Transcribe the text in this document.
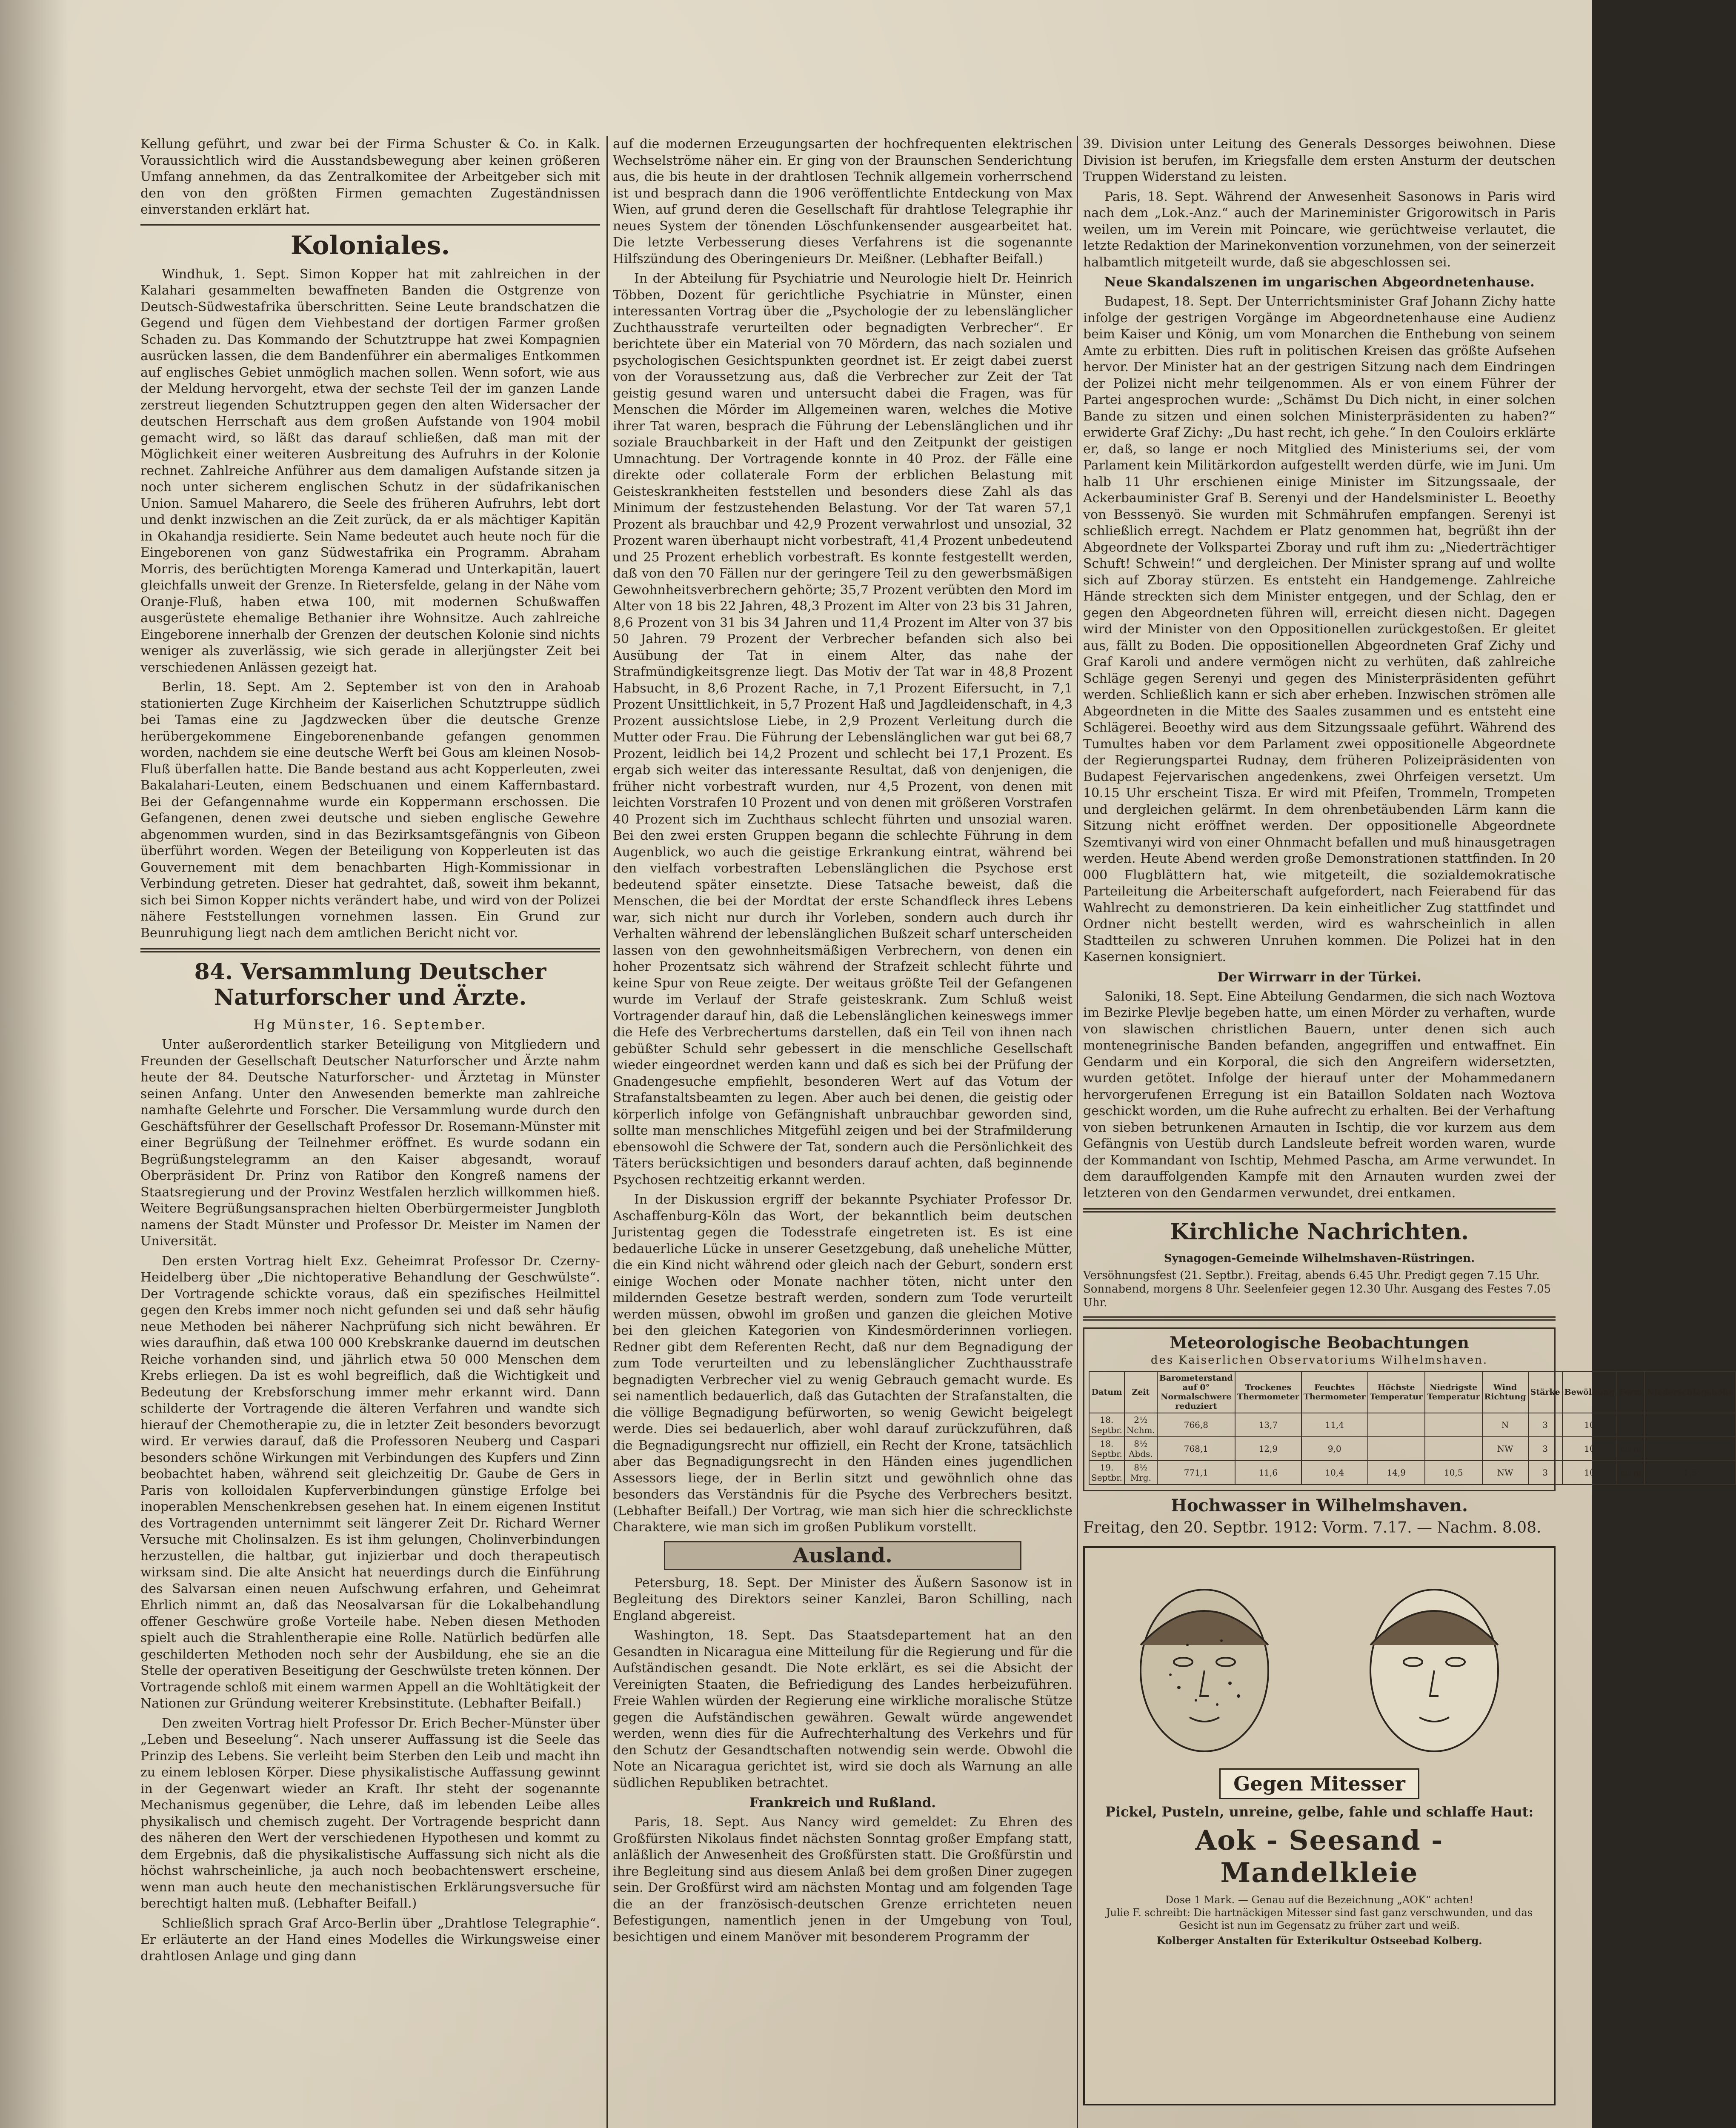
Kellung geführt, und zwar bei der Firma Schuster & Co. in Kalk. Voraussichtlich wird die Ausstandsbewegung aber keinen größeren Umfang annehmen, da das Zentralkomitee der Arbeitgeber sich mit den von den größten Firmen gemachten Zugeständnissen einverstanden erklärt hat.

Koloniales.

Windhuk, 1. Sept. Simon Kopper hat mit zahlreichen in der Kalahari gesammelten bewaffneten Banden die Ostgrenze von Deutsch-Südwestafrika überschritten. Seine Leute brandschatzen die Gegend und fügen dem Viehbestand der dortigen Farmer großen Schaden zu. Das Kommando der Schutztruppe hat zwei Kompagnien ausrücken lassen, die dem Bandenführer ein abermaliges Entkommen auf englisches Gebiet unmöglich machen sollen. Wenn sofort, wie aus der Meldung hervorgeht, etwa der sechste Teil der im ganzen Lande zerstreut liegenden Schutztruppen gegen den alten Widersacher der deutschen Herrschaft aus dem großen Aufstande von 1904 mobil gemacht wird, so läßt das darauf schließen, daß man mit der Möglichkeit einer weiteren Ausbreitung des Aufruhrs in der Kolonie rechnet. Zahlreiche Anführer aus dem damaligen Aufstande sitzen ja noch unter sicherem englischen Schutz in der südafrikanischen Union. Samuel Maharero, die Seele des früheren Aufruhrs, lebt dort und denkt inzwischen an die Zeit zurück, da er als mächtiger Kapitän in Okahandja residierte. Sein Name bedeutet auch heute noch für die Eingeborenen von ganz Südwestafrika ein Programm. Abraham Morris, des berüchtigten Morenga Kamerad und Unterkapitän, lauert gleichfalls unweit der Grenze. In Rietersfelde, gelang in der Nähe vom Oranje-Fluß, haben etwa 100, mit modernen Schußwaffen ausgerüstete ehemalige Bethanier ihre Wohnsitze. Auch zahlreiche Eingeborene innerhalb der Grenzen der deutschen Kolonie sind nichts weniger als zuverlässig, wie sich gerade in allerjüngster Zeit bei verschiedenen Anlässen gezeigt hat.

Berlin, 18. Sept. Am 2. September ist von den in Arahoab stationierten Zuge Kirchheim der Kaiserlichen Schutztruppe südlich bei Tamas eine zu Jagdzwecken über die deutsche Grenze herübergekommene Eingeborenenbande gefangen genommen worden, nachdem sie eine deutsche Werft bei Gous am kleinen Nosob-Fluß überfallen hatte. Die Bande bestand aus acht Kopperleuten, zwei Bakalahari-Leuten, einem Bedschuanen und einem Kaffernbastard. Bei der Gefangennahme wurde ein Koppermann erschossen. Die Gefangenen, denen zwei deutsche und sieben englische Gewehre abgenommen wurden, sind in das Bezirksamtsgefängnis von Gibeon überführt worden. Wegen der Beteiligung von Kopperleuten ist das Gouvernement mit dem benachbarten High-Kommissionar in Verbindung getreten. Dieser hat gedrahtet, daß, soweit ihm bekannt, sich bei Simon Kopper nichts verändert habe, und wird von der Polizei nähere Feststellungen vornehmen lassen. Ein Grund zur Beunruhigung liegt nach dem amtlichen Bericht nicht vor.

84. Versammlung Deutscher Naturforscher und Ärzte.
Hg Münster, 16. September.

Unter außerordentlich starker Beteiligung von Mitgliedern und Freunden der Gesellschaft Deutscher Naturforscher und Ärzte nahm heute der 84. Deutsche Naturforscher- und Ärztetag in Münster seinen Anfang. Unter den Anwesenden bemerkte man zahlreiche namhafte Gelehrte und Forscher. Die Versammlung wurde durch den Geschäftsführer der Gesellschaft Professor Dr. Rosemann-Münster mit einer Begrüßung der Teilnehmer eröffnet. Es wurde sodann ein Begrüßungstelegramm an den Kaiser abgesandt, worauf Oberpräsident Dr. Prinz von Ratibor den Kongreß namens der Staatsregierung und der Provinz Westfalen herzlich willkommen hieß. Weitere Begrüßungsansprachen hielten Oberbürgermeister Jungbloth namens der Stadt Münster und Professor Dr. Meister im Namen der Universität.

Den ersten Vortrag hielt Exz. Geheimrat Professor Dr. Czerny-Heidelberg über „Die nichtoperative Behandlung der Geschwülste“. Der Vortragende schickte voraus, daß ein spezifisches Heilmittel gegen den Krebs immer noch nicht gefunden sei und daß sehr häufig neue Methoden bei näherer Nachprüfung sich nicht bewähren. Er wies daraufhin, daß etwa 100 000 Krebskranke dauernd im deutschen Reiche vorhanden sind, und jährlich etwa 50 000 Menschen dem Krebs erliegen. Da ist es wohl begreiflich, daß die Wichtigkeit und Bedeutung der Krebsforschung immer mehr erkannt wird. Dann schilderte der Vortragende die älteren Verfahren und wandte sich hierauf der Chemotherapie zu, die in letzter Zeit besonders bevorzugt wird. Er verwies darauf, daß die Professoren Neuberg und Caspari besonders schöne Wirkungen mit Verbindungen des Kupfers und Zinn beobachtet haben, während seit gleichzeitig Dr. Gaube de Gers in Paris von kolloidalen Kupferverbindungen günstige Erfolge bei inoperablen Menschenkrebsen gesehen hat. In einem eigenen Institut des Vortragenden unternimmt seit längerer Zeit Dr. Richard Werner Versuche mit Cholinsalzen. Es ist ihm gelungen, Cholinverbindungen herzustellen, die haltbar, gut injizierbar und doch therapeutisch wirksam sind. Die alte Ansicht hat neuerdings durch die Einführung des Salvarsan einen neuen Aufschwung erfahren, und Geheimrat Ehrlich nimmt an, daß das Neosalvarsan für die Lokalbehandlung offener Geschwüre große Vorteile habe. Neben diesen Methoden spielt auch die Strahlentherapie eine Rolle. Natürlich bedürfen alle geschilderten Methoden noch sehr der Ausbildung, ehe sie an die Stelle der operativen Beseitigung der Geschwülste treten können. Der Vortragende schloß mit einem warmen Appell an die Wohltätigkeit der Nationen zur Gründung weiterer Krebsinstitute. (Lebhafter Beifall.)

Den zweiten Vortrag hielt Professor Dr. Erich Becher-Münster über „Leben und Beseelung“. Nach unserer Auffassung ist die Seele das Prinzip des Lebens. Sie verleiht beim Sterben den Leib und macht ihn zu einem leblosen Körper. Diese physikalistische Auffassung gewinnt in der Gegenwart wieder an Kraft. Ihr steht der sogenannte Mechanismus gegenüber, die Lehre, daß im lebenden Leibe alles physikalisch und chemisch zugeht. Der Vortragende bespricht dann des näheren den Wert der verschiedenen Hypothesen und kommt zu dem Ergebnis, daß die physikalistische Auffassung sich nicht als die höchst wahrscheinliche, ja auch noch beobachtenswert erscheine, wenn man auch heute den mechanistischen Erklärungsversuche für berechtigt halten muß. (Lebhafter Beifall.)

Schließlich sprach Graf Arco-Berlin über „Drahtlose Telegraphie“. Er erläuterte an der Hand eines Modelles die Wirkungsweise einer drahtlosen Anlage und ging dann

auf die modernen Erzeugungsarten der hochfrequenten elektrischen Wechselströme näher ein. Er ging von der Braunschen Senderichtung aus, die bis heute in der drahtlosen Technik allgemein vorherrschend ist und besprach dann die 1906 veröffentlichte Entdeckung von Max Wien, auf grund deren die Gesellschaft für drahtlose Telegraphie ihr neues System der tönenden Löschfunkensender ausgearbeitet hat. Die letzte Verbesserung dieses Verfahrens ist die sogenannte Hilfszündung des Oberingenieurs Dr. Meißner. (Lebhafter Beifall.)

In der Abteilung für Psychiatrie und Neurologie hielt Dr. Heinrich Többen, Dozent für gerichtliche Psychiatrie in Münster, einen interessanten Vortrag über die „Psychologie der zu lebenslänglicher Zuchthausstrafe verurteilten oder begnadigten Verbrecher“. Er berichtete über ein Material von 70 Mördern, das nach sozialen und psychologischen Gesichtspunkten geordnet ist. Er zeigt dabei zuerst von der Voraussetzung aus, daß die Verbrecher zur Zeit der Tat geistig gesund waren und untersucht dabei die Fragen, was für Menschen die Mörder im Allgemeinen waren, welches die Motive ihrer Tat waren, besprach die Führung der Lebenslänglichen und ihr soziale Brauchbarkeit in der Haft und den Zeitpunkt der geistigen Umnachtung. Der Vortragende konnte in 40 Proz. der Fälle eine direkte oder collaterale Form der erblichen Belastung mit Geisteskrankheiten feststellen und besonders diese Zahl als das Minimum der festzustehenden Belastung. Vor der Tat waren 57,1 Prozent als brauchbar und 42,9 Prozent verwahrlost und unsozial, 32 Prozent waren überhaupt nicht vorbestraft, 41,4 Prozent unbedeutend und 25 Prozent erheblich vorbestraft. Es konnte festgestellt werden, daß von den 70 Fällen nur der geringere Teil zu den gewerbsmäßigen Gewohnheitsverbrechern gehörte; 35,7 Prozent verübten den Mord im Alter von 18 bis 22 Jahren, 48,3 Prozent im Alter von 23 bis 31 Jahren, 8,6 Prozent von 31 bis 34 Jahren und 11,4 Prozent im Alter von 37 bis 50 Jahren. 79 Prozent der Verbrecher befanden sich also bei Ausübung der Tat in einem Alter, das nahe der Strafmündigkeitsgrenze liegt. Das Motiv der Tat war in 48,8 Prozent Habsucht, in 8,6 Prozent Rache, in 7,1 Prozent Eifersucht, in 7,1 Prozent Unsittlichkeit, in 5,7 Prozent Haß und Jagdleidenschaft, in 4,3 Prozent aussichtslose Liebe, in 2,9 Prozent Verleitung durch die Mutter oder Frau. Die Führung der Lebenslänglichen war gut bei 68,7 Prozent, leidlich bei 14,2 Prozent und schlecht bei 17,1 Prozent. Es ergab sich weiter das interessante Resultat, daß von denjenigen, die früher nicht vorbestraft wurden, nur 4,5 Prozent, von denen mit leichten Vorstrafen 10 Prozent und von denen mit größeren Vorstrafen 40 Prozent sich im Zuchthaus schlecht führten und unsozial waren. Bei den zwei ersten Gruppen begann die schlechte Führung in dem Augenblick, wo auch die geistige Erkrankung eintrat, während bei den vielfach vorbestraften Lebenslänglichen die Psychose erst bedeutend später einsetzte. Diese Tatsache beweist, daß die Menschen, die bei der Mordtat der erste Schandfleck ihres Lebens war, sich nicht nur durch ihr Vorleben, sondern auch durch ihr Verhalten während der lebenslänglichen Bußzeit scharf unterscheiden lassen von den gewohnheitsmäßigen Verbrechern, von denen ein hoher Prozentsatz sich während der Strafzeit schlecht führte und keine Spur von Reue zeigte. Der weitaus größte Teil der Gefangenen wurde im Verlauf der Strafe geisteskrank. Zum Schluß weist Vortragender darauf hin, daß die Lebenslänglichen keineswegs immer die Hefe des Verbrechertums darstellen, daß ein Teil von ihnen nach gebüßter Schuld sehr gebessert in die menschliche Gesellschaft wieder eingeordnet werden kann und daß es sich bei der Prüfung der Gnadengesuche empfiehlt, besonderen Wert auf das Votum der Strafanstaltsbeamten zu legen. Aber auch bei denen, die geistig oder körperlich infolge von Gefängnishaft unbrauchbar geworden sind, sollte man menschliches Mitgefühl zeigen und bei der Strafmilderung ebensowohl die Schwere der Tat, sondern auch die Persönlichkeit des Täters berücksichtigen und besonders darauf achten, daß beginnende Psychosen rechtzeitig erkannt werden.

In der Diskussion ergriff der bekannte Psychiater Professor Dr. Aschaffenburg-Köln das Wort, der bekanntlich beim deutschen Juristentag gegen die Todesstrafe eingetreten ist. Es ist eine bedauerliche Lücke in unserer Gesetzgebung, daß uneheliche Mütter, die ein Kind nicht während oder gleich nach der Geburt, sondern erst einige Wochen oder Monate nachher töten, nicht unter den mildernden Gesetze bestraft werden, sondern zum Tode verurteilt werden müssen, obwohl im großen und ganzen die gleichen Motive bei den gleichen Kategorien von Kindesmörderinnen vorliegen. Redner gibt dem Referenten Recht, daß nur dem Begnadigung der zum Tode verurteilten und zu lebenslänglicher Zuchthausstrafe begnadigten Verbrecher viel zu wenig Gebrauch gemacht wurde. Es sei namentlich bedauerlich, daß das Gutachten der Strafanstalten, die die völlige Begnadigung befürworten, so wenig Gewicht beigelegt werde. Dies sei bedauerlich, aber wohl darauf zurückzuführen, daß die Begnadigungsrecht nur offiziell, ein Recht der Krone, tatsächlich aber das Begnadigungsrecht in den Händen eines jugendlichen Assessors liege, der in Berlin sitzt und gewöhnlich ohne das besonders das Verständnis für die Psyche des Verbrechers besitzt. (Lebhafter Beifall.) Der Vortrag, wie man sich hier die schrecklichste Charaktere, wie man sich im großen Publikum vorstellt.

Ausland.

Petersburg, 18. Sept. Der Minister des Äußern Sasonow ist in Begleitung des Direktors seiner Kanzlei, Baron Schilling, nach England abgereist.

Washington, 18. Sept. Das Staatsdepartement hat an den Gesandten in Nicaragua eine Mitteilung für die Regierung und für die Aufständischen gesandt. Die Note erklärt, es sei die Absicht der Vereinigten Staaten, die Befriedigung des Landes herbeizuführen. Freie Wahlen würden der Regierung eine wirkliche moralische Stütze gegen die Aufständischen gewähren. Gewalt würde angewendet werden, wenn dies für die Aufrechterhaltung des Verkehrs und für den Schutz der Gesandtschaften notwendig sein werde. Obwohl die Note an Nicaragua gerichtet ist, wird sie doch als Warnung an alle südlichen Republiken betrachtet.

Frankreich und Rußland.

Paris, 18. Sept. Aus Nancy wird gemeldet: Zu Ehren des Großfürsten Nikolaus findet nächsten Sonntag großer Empfang statt, anläßlich der Anwesenheit des Großfürsten statt. Die Großfürstin und ihre Begleitung sind aus diesem Anlaß bei dem großen Diner zugegen sein. Der Großfürst wird am nächsten Montag und am folgenden Tage die an der französisch-deutschen Grenze errichteten neuen Befestigungen, namentlich jenen in der Umgebung von Toul, besichtigen und einem Manöver mit besonderem Programm der

39. Division unter Leitung des Generals Dessorges beiwohnen. Diese Division ist berufen, im Kriegsfalle dem ersten Ansturm der deutschen Truppen Widerstand zu leisten.

Paris, 18. Sept. Während der Anwesenheit Sasonows in Paris wird nach dem „Lok.-Anz.“ auch der Marineminister Grigorowitsch in Paris weilen, um im Verein mit Poincare, wie gerüchtweise verlautet, die letzte Redaktion der Marinekonvention vorzunehmen, von der seinerzeit halbamtlich mitgeteilt wurde, daß sie abgeschlossen sei.

Neue Skandalszenen im ungarischen Abgeordnetenhause.

Budapest, 18. Sept. Der Unterrichtsminister Graf Johann Zichy hatte infolge der gestrigen Vorgänge im Abgeordnetenhause eine Audienz beim Kaiser und König, um vom Monarchen die Enthebung von seinem Amte zu erbitten. Dies ruft in politischen Kreisen das größte Aufsehen hervor. Der Minister hat an der gestrigen Sitzung nach dem Eindringen der Polizei nicht mehr teilgenommen. Als er von einem Führer der Partei angesprochen wurde: „Schämst Du Dich nicht, in einer solchen Bande zu sitzen und einen solchen Ministerpräsidenten zu haben?“ erwiderte Graf Zichy: „Du hast recht, ich gehe.“ In den Couloirs erklärte er, daß, so lange er noch Mitglied des Ministeriums sei, der vom Parlament kein Militärkordon aufgestellt werden dürfe, wie im Juni. Um halb 11 Uhr erschienen einige Minister im Sitzungssaale, der Ackerbauminister Graf B. Serenyi und der Handelsminister L. Beoethy von Besssenyö. Sie wurden mit Schmährufen empfangen. Serenyi ist schließlich erregt. Nachdem er Platz genommen hat, begrüßt ihn der Abgeordnete der Volkspartei Zboray und ruft ihm zu: „Niederträchtiger Schuft! Schwein!“ und dergleichen. Der Minister sprang auf und wollte sich auf Zboray stürzen. Es entsteht ein Handgemenge. Zahlreiche Hände streckten sich dem Minister entgegen, und der Schlag, den er gegen den Abgeordneten führen will, erreicht diesen nicht. Dagegen wird der Minister von den Oppositionellen zurückgestoßen. Er gleitet aus, fällt zu Boden. Die oppositionellen Abgeordneten Graf Zichy und Graf Karoli und andere vermögen nicht zu verhüten, daß zahlreiche Schläge gegen Serenyi und gegen des Ministerpräsidenten geführt werden. Schließlich kann er sich aber erheben. Inzwischen strömen alle Abgeordneten in die Mitte des Saales zusammen und es entsteht eine Schlägerei. Beoethy wird aus dem Sitzungssaale geführt. Während des Tumultes haben vor dem Parlament zwei oppositionelle Abgeordnete der Regierungspartei Rudnay, dem früheren Polizeipräsidenten von Budapest Fejervarischen angedenkens, zwei Ohrfeigen versetzt. Um 10.15 Uhr erscheint Tisza. Er wird mit Pfeifen, Trommeln, Trompeten und dergleichen gelärmt. In dem ohrenbetäubenden Lärm kann die Sitzung nicht eröffnet werden. Der oppositionelle Abgeordnete Szemtivanyi wird von einer Ohnmacht befallen und muß hinausgetragen werden. Heute Abend werden große Demonstrationen stattfinden. In 20 000 Flugblättern hat, wie mitgeteilt, die sozialdemokratische Parteileitung die Arbeiterschaft aufgefordert, nach Feierabend für das Wahlrecht zu demonstrieren. Da kein einheitlicher Zug stattfindet und Ordner nicht bestellt werden, wird es wahrscheinlich in allen Stadtteilen zu schweren Unruhen kommen. Die Polizei hat in den Kasernen konsigniert.

Der Wirrwarr in der Türkei.

Saloniki, 18. Sept. Eine Abteilung Gendarmen, die sich nach Woztova im Bezirke Plevlje begeben hatte, um einen Mörder zu verhaften, wurde von slawischen christlichen Bauern, unter denen sich auch montenegrinische Banden befanden, angegriffen und entwaffnet. Ein Gendarm und ein Korporal, die sich den Angreifern widersetzten, wurden getötet. Infolge der hierauf unter der Mohammedanern hervorgerufenen Erregung ist ein Bataillon Soldaten nach Woztova geschickt worden, um die Ruhe aufrecht zu erhalten. Bei der Verhaftung von sieben betrunkenen Arnauten in Ischtip, die vor kurzem aus dem Gefängnis von Uestüb durch Landsleute befreit worden waren, wurde der Kommandant von Ischtip, Mehmed Pascha, am Arme verwundet. In dem darauffolgenden Kampfe mit den Arnauten wurden zwei der letzteren von den Gendarmen verwundet, drei entkamen.

Kirchliche Nachrichten.
Synagogen-Gemeinde Wilhelmshaven-Rüstringen.

Versöhnungsfest (21. Septbr.). Freitag, abends 6.45 Uhr. Predigt gegen 7.15 Uhr. Sonnabend, morgens 8 Uhr. Seelenfeier gegen 12.30 Uhr. Ausgang des Festes 7.05 Uhr.

Meteorologische Beobachtungen
des Kaiserlichen Observatoriums Wilhelmshaven.
Datum	Zeit	Barometerstand auf 0° Normalschwere reduziert	Trockenes Thermometer	Feuchtes Thermometer	Höchste Temperatur	Niedrigste Temperatur	Wind Richtung	Stärke	Bewölkung	Form	Niederschlagshöhe
18. Septbr.	2½ Nchm.	766,8	13,7	11,4			N	3	10		
18. Septbr.	8½ Abds.	768,1	12,9	9,0			NW	3	10	cu-ni	
19. Septbr.	8½ Mrg.	771,1	11,6	10,4	14,9	10,5	NW	3	10	cu-ni	1,5
Hochwasser in Wilhelmshaven.
Freitag, den 20. Septbr. 1912: Vorm. 7.17. — Nachm. 8.08.
Gegen Mitesser
Pickel, Pusteln, unreine, gelbe, fahle und schlaffe Haut:
Aok - Seesand - Mandelkleie
Dose 1 Mark. — Genau auf die Bezeichnung „AOK“ achten!
Julie F. schreibt: Die hartnäckigen Mitesser sind fast ganz verschwunden, und das Gesicht ist nun im Gegensatz zu früher zart und weiß.
Kolberger Anstalten für Exterikultur Ostseebad Kolberg.
